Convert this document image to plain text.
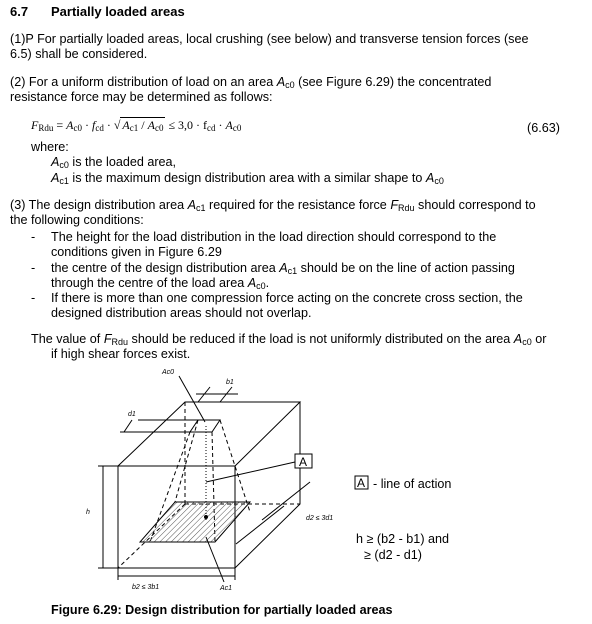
6.7 Partially loaded areas
(1)P For partially loaded areas, local crushing (see below) and transverse tension forces (see
6.5) shall be considered.
(2) For a uniform distribution of load on an area $A_{c0}$ (see Figure 6.29) the concentrated
resistance force may be determined as follows:
$F_{Rdu} = A_{c0} \cdot f_{cd}$ · √ $A_{c1} / A_{c0} \le 3,0 \cdot f_{cd} \cdot A_{c0}$	(6.63)
where:
$A_{c0}$ is the loaded area,
$A_{c1}$ is the maximum design distribution area with a similar shape to $A_{c0}$
(3) The design distribution area $A_{c1}$ required for the resistance force $F_{Rdu}$ should correspond to
the following conditions:
- The height for the load distribution in the load direction should correspond to the
conditions given in Figure 6.29
- the centre of the design distribution area $A_{c1}$ should be on the line of action passing
through the centre of the load area $A_{c0}$.
- If there is more than one compression force acting on the concrete cross section, the
designed distribution areas should not overlap.
The value of $F_{Rdu}$ should be reduced if the load is not uniformly distributed on the area $A_{c0}$ or
if high shear forces exist.
Ac0
b1
d1
h
b2 ≤ 3b1
d2 ≤ 3d1
Ac1
A
A - line of action
h ≥ (b2 - b1) and
≥ (d2 - d1)
Figure 6.29: Design distribution for partially loaded areas
